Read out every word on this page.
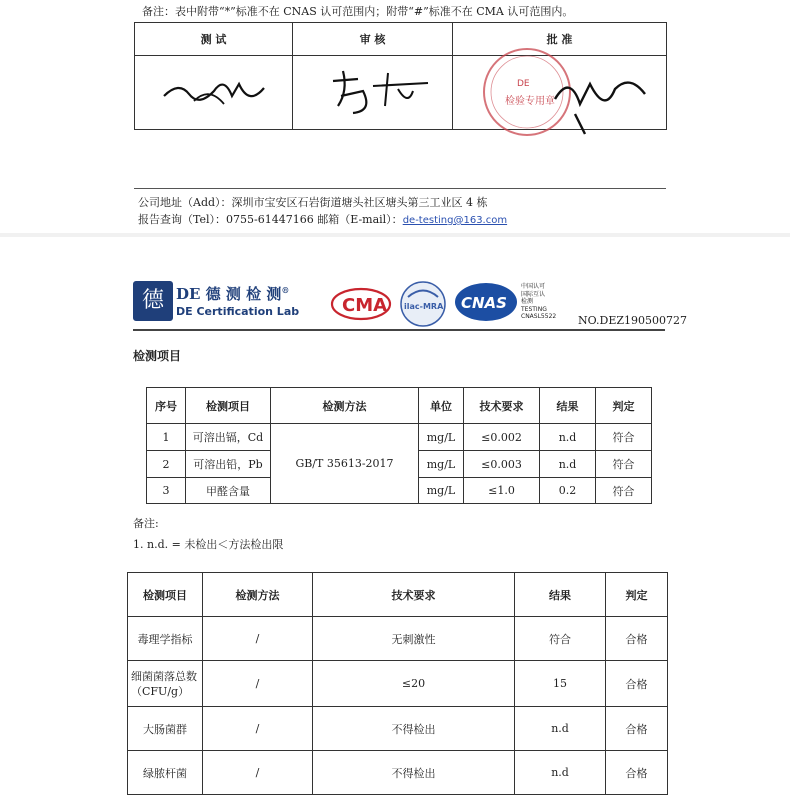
备注：表中附带“*”标准不在 CNAS 认可范围内；附带“#”标准不在 CMA 认可范围内。
测 试	审 核	批 准

DE
检验专用章
公司地址（Add）：深圳市宝安区石岩街道塘头社区塘头第三工业区 4 栋
报告查询（Tel）：0755-61447166 邮箱（E-mail）：de-testing@163.com
德 DE 德 测 检 测®
DE Certification Lab CMA ilac-MRA CNAS
中国认可
国际互认
检测
TESTING
CNASL5522 NO.DEZ190500727
检测项目
序号	检测项目	检测方法	单位	技术要求	结果	判定
1	可溶出镉，Cd	GB/T 35613-2017	mg/L	≤0.002	n.d	符合
2	可溶出铅，Pb		mg/L	≤0.003	n.d	符合
3	甲醛含量		mg/L	≤1.0	0.2	符合
备注:
1. n.d. = 未检出＜方法检出限
检测项目	检测方法	技术要求	结果	判定
毒理学指标	/	无刺激性	符合	合格
细菌菌落总数（CFU/g）	/	≤20	15	合格
大肠菌群	/	不得检出	n.d	合格
绿脓杆菌	/	不得检出	n.d	合格
